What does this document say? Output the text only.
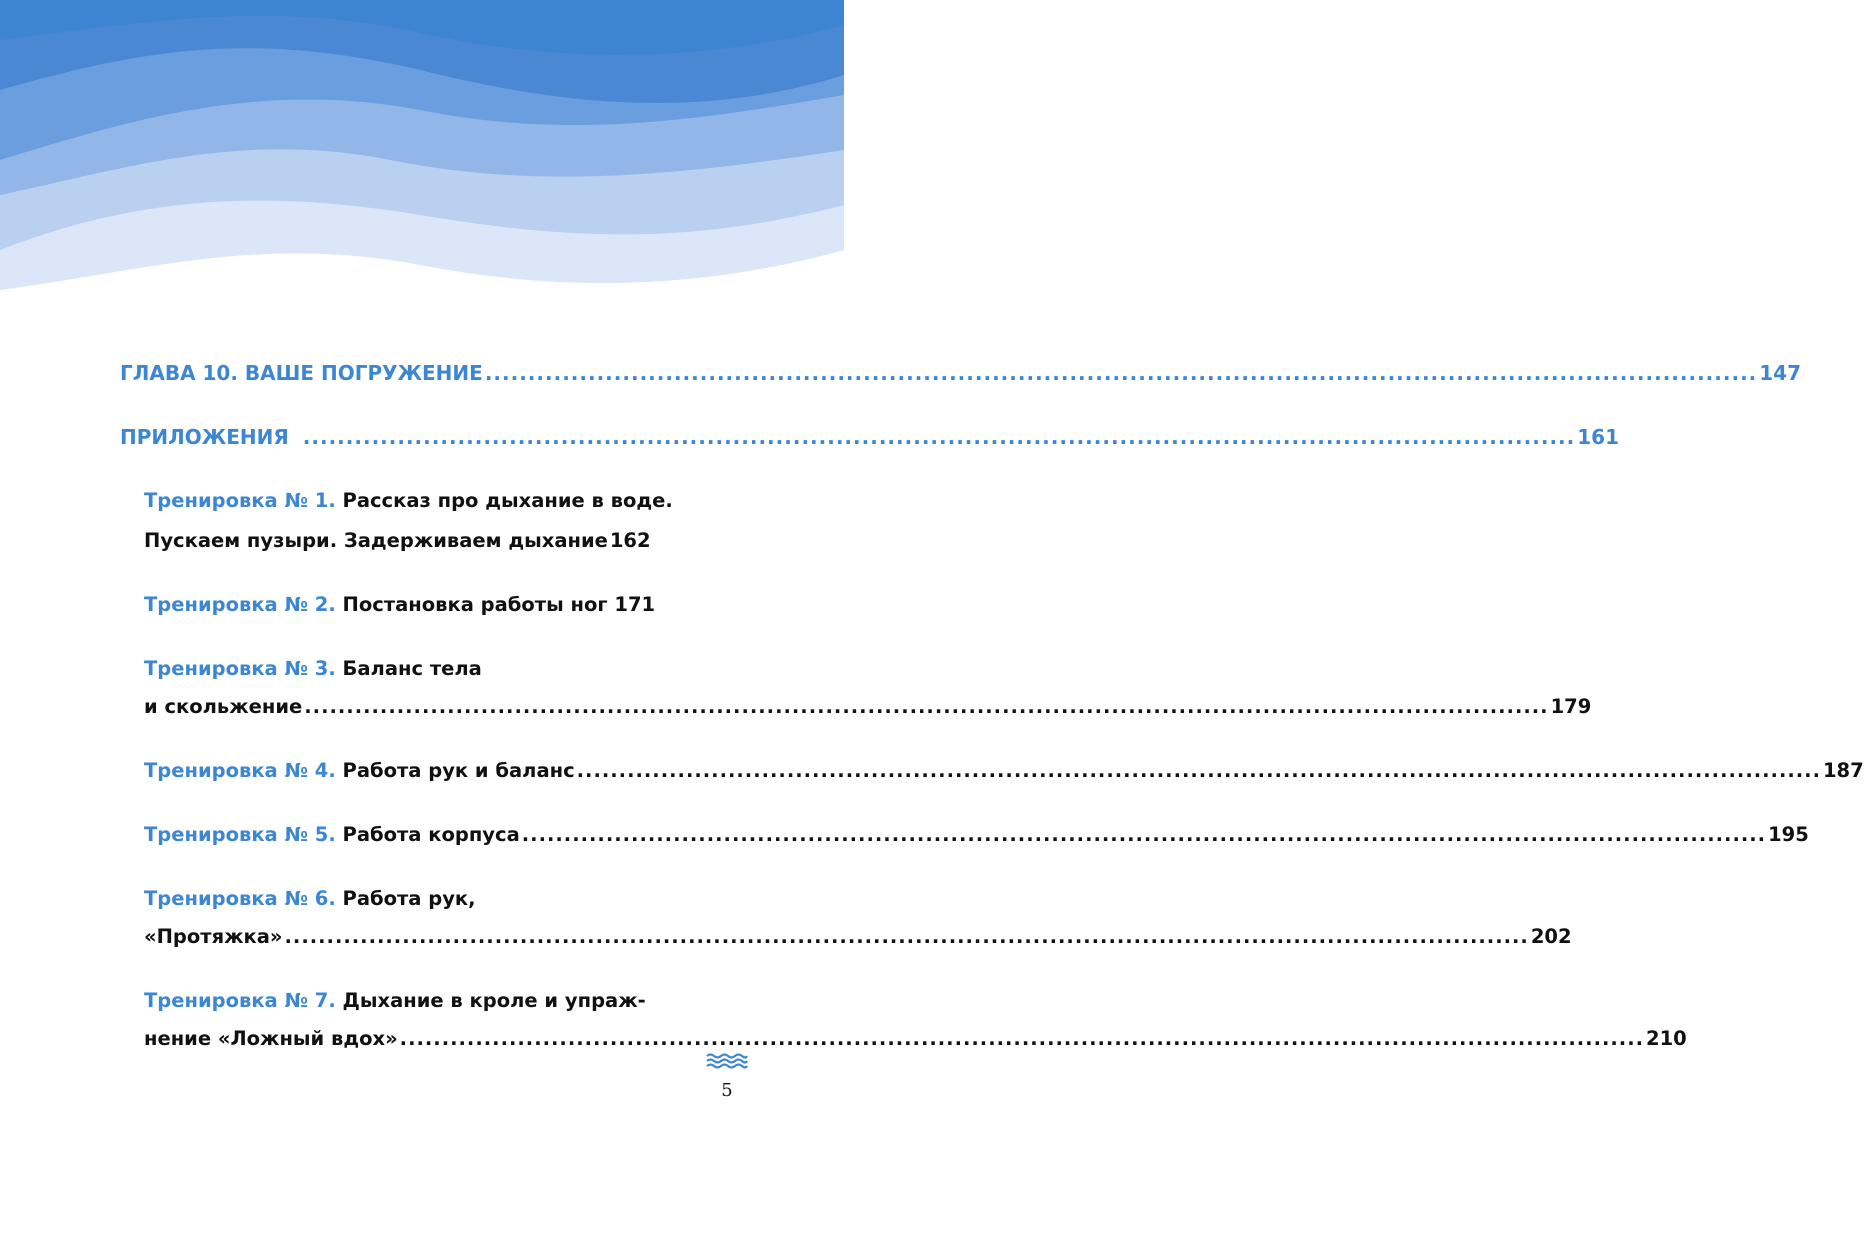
ГЛАВА 10. ВАШЕ ПОГРУЖЕНИЕ .....	147
ПРИЛОЖЕНИЯ .....	161
Тренировка № 1. Рассказ про дыхание в воде.
Пускаем пузыри. Задерживаем дыхание 162
Тренировка № 2. Постановка работы ног 171
Тренировка № 3. Баланс тела
и скольжение .....	179
Тренировка № 4. Работа рук и баланс .....	187
Тренировка № 5. Работа корпуса .....	195
Тренировка № 6. Работа рук,
«Протяжка» .....	202
Тренировка № 7. Дыхание в кроле и упраж-
нение «Ложный вдох» .....	210
5
